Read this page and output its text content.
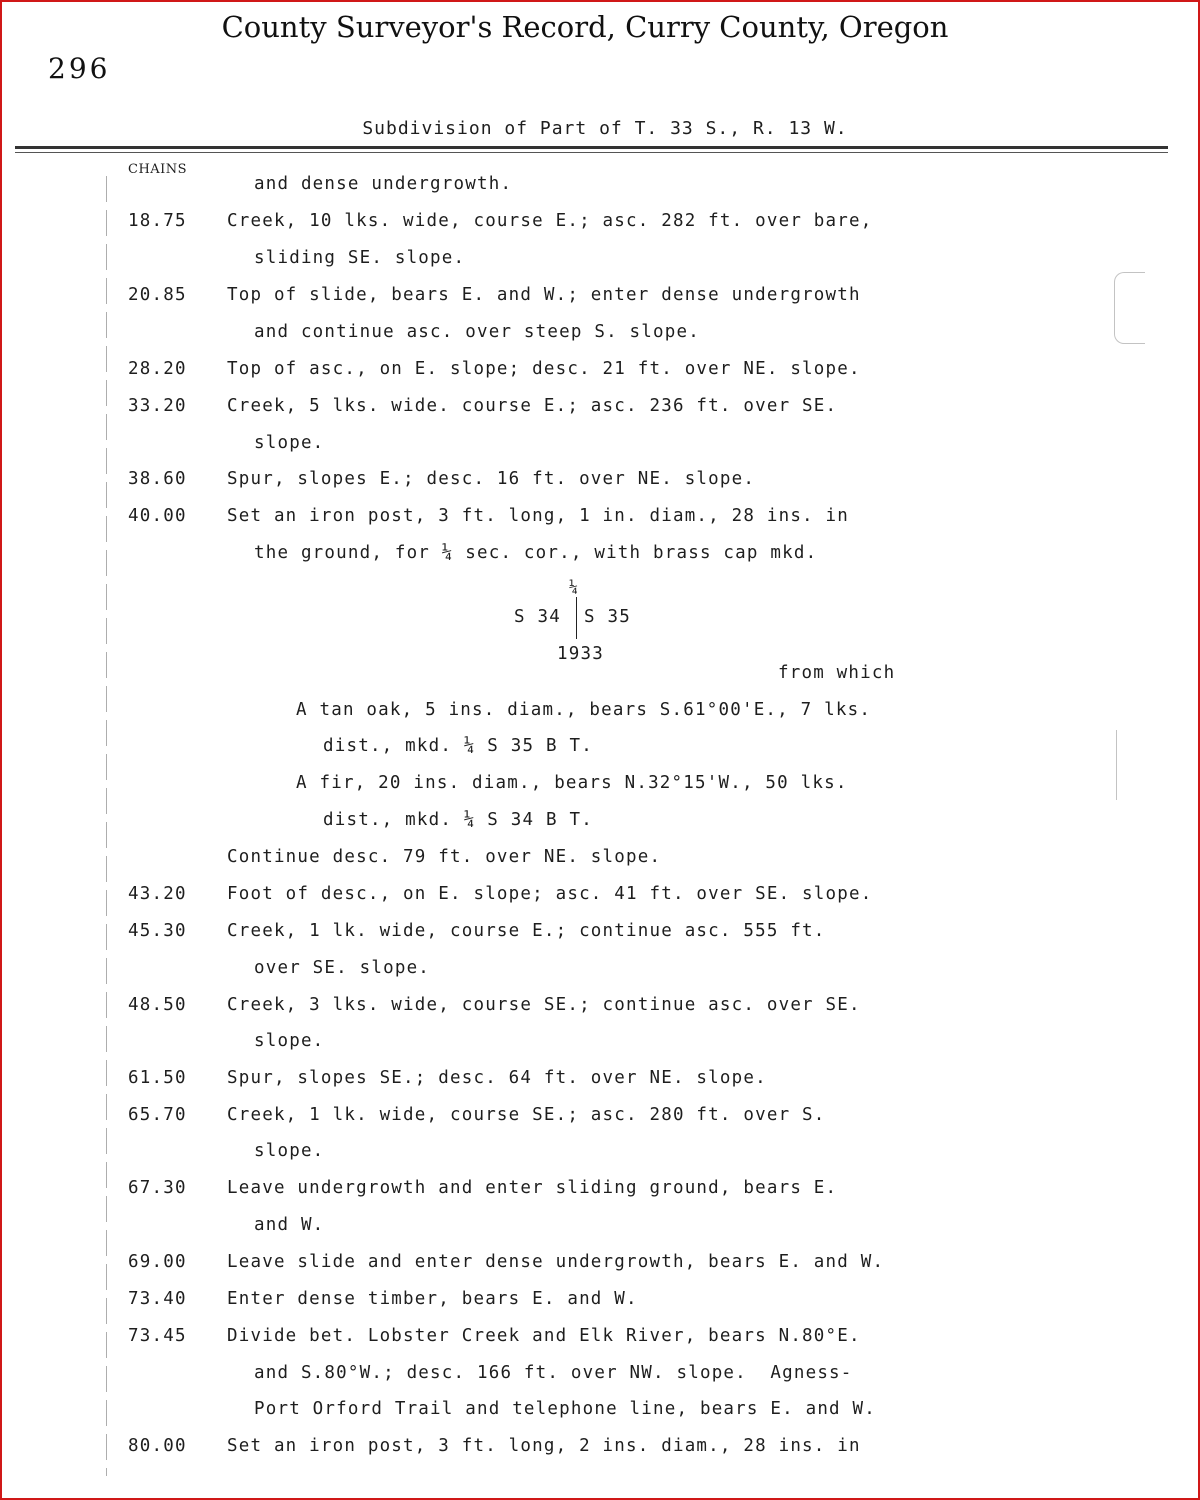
County Surveyor's Record, Curry County, Oregon
296
Subdivision of Part of T. 33 S., R. 13 W.
CHAINS
and dense undergrowth.
18.75 Creek, 10 lks. wide, course E.; asc. 282 ft. over bare,
sliding SE. slope.
20.85 Top of slide, bears E. and W.; enter dense undergrowth
and continue asc. over steep S. slope.
28.20 Top of asc., on E. slope; desc. 21 ft. over NE. slope.
33.20 Creek, 5 lks. wide. course E.; asc. 236 ft. over SE.
slope.
38.60 Spur, slopes E.; desc. 16 ft. over NE. slope.
40.00 Set an iron post, 3 ft. long, 1 in. diam., 28 ins. in
the ground, for ¼ sec. cor., with brass cap mkd.
¼
S 34 S 35
1933
from which
A tan oak, 5 ins. diam., bears S.61°00'E., 7 lks.
dist., mkd. ¼ S 35 B T.
A fir, 20 ins. diam., bears N.32°15'W., 50 lks.
dist., mkd. ¼ S 34 B T.
Continue desc. 79 ft. over NE. slope.
43.20 Foot of desc., on E. slope; asc. 41 ft. over SE. slope.
45.30 Creek, 1 lk. wide, course E.; continue asc. 555 ft.
over SE. slope.
48.50 Creek, 3 lks. wide, course SE.; continue asc. over SE.
slope.
61.50 Spur, slopes SE.; desc. 64 ft. over NE. slope.
65.70 Creek, 1 lk. wide, course SE.; asc. 280 ft. over S.
slope.
67.30 Leave undergrowth and enter sliding ground, bears E.
and W.
69.00 Leave slide and enter dense undergrowth, bears E. and W.
73.40 Enter dense timber, bears E. and W.
73.45 Divide bet. Lobster Creek and Elk River, bears N.80°E.
and S.80°W.; desc. 166 ft. over NW. slope.  Agness-
Port Orford Trail and telephone line, bears E. and W.
80.00 Set an iron post, 3 ft. long, 2 ins. diam., 28 ins. in
